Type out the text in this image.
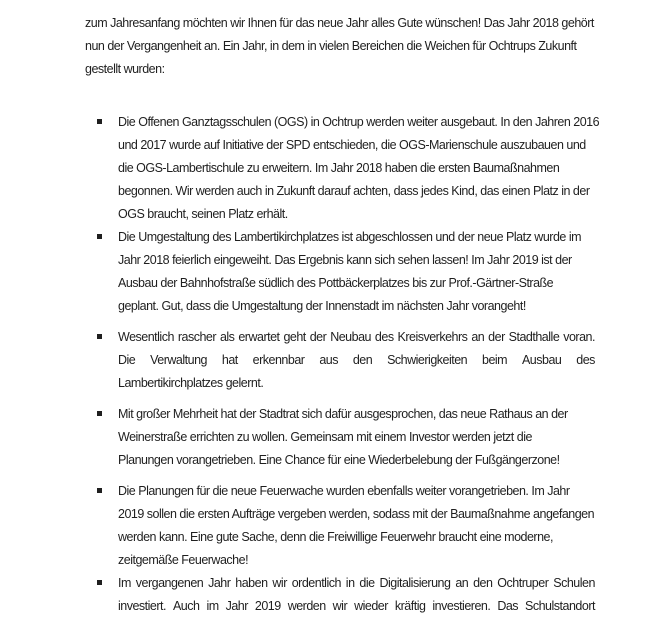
zum Jahresanfang möchten wir Ihnen für das neue Jahr alles Gute wünschen! Das Jahr 2018 gehört
nun der Vergangenheit an. Ein Jahr, in dem in vielen Bereichen die Weichen für Ochtrups Zukunft
gestellt wurden:
Die Offenen Ganztagsschulen (OGS) in Ochtrup werden weiter ausgebaut. In den Jahren 2016
und 2017 wurde auf Initiative der SPD entschieden, die OGS-Marienschule auszubauen und
die OGS-Lambertischule zu erweitern. Im Jahr 2018 haben die ersten Baumaßnahmen
begonnen. Wir werden auch in Zukunft darauf achten, dass jedes Kind, das einen Platz in der
OGS braucht, seinen Platz erhält.
Die Umgestaltung des Lambertikirchplatzes ist abgeschlossen und der neue Platz wurde im
Jahr 2018 feierlich eingeweiht. Das Ergebnis kann sich sehen lassen! Im Jahr 2019 ist der
Ausbau der Bahnhofstraße südlich des Pottbäckerplatzes bis zur Prof.-Gärtner-Straße
geplant. Gut, dass die Umgestaltung der Innenstadt im nächsten Jahr vorangeht!
Wesentlich rascher als erwartet geht der Neubau des Kreisverkehrs an der Stadthalle voran.
Die Verwaltung hat erkennbar aus den Schwierigkeiten beim Ausbau des
Lambertikirchplatzes gelernt.
Mit großer Mehrheit hat der Stadtrat sich dafür ausgesprochen, das neue Rathaus an der
Weinerstraße errichten zu wollen. Gemeinsam mit einem Investor werden jetzt die
Planungen vorangetrieben. Eine Chance für eine Wiederbelebung der Fußgängerzone!
Die Planungen für die neue Feuerwache wurden ebenfalls weiter vorangetrieben. Im Jahr
2019 sollen die ersten Aufträge vergeben werden, sodass mit der Baumaßnahme angefangen
werden kann. Eine gute Sache, denn die Freiwillige Feuerwehr braucht eine moderne,
zeitgemäße Feuerwache!
Im vergangenen Jahr haben wir ordentlich in die Digitalisierung an den Ochtruper Schulen
investiert. Auch im Jahr 2019 werden wir wieder kräftig investieren. Das Schulstandort
